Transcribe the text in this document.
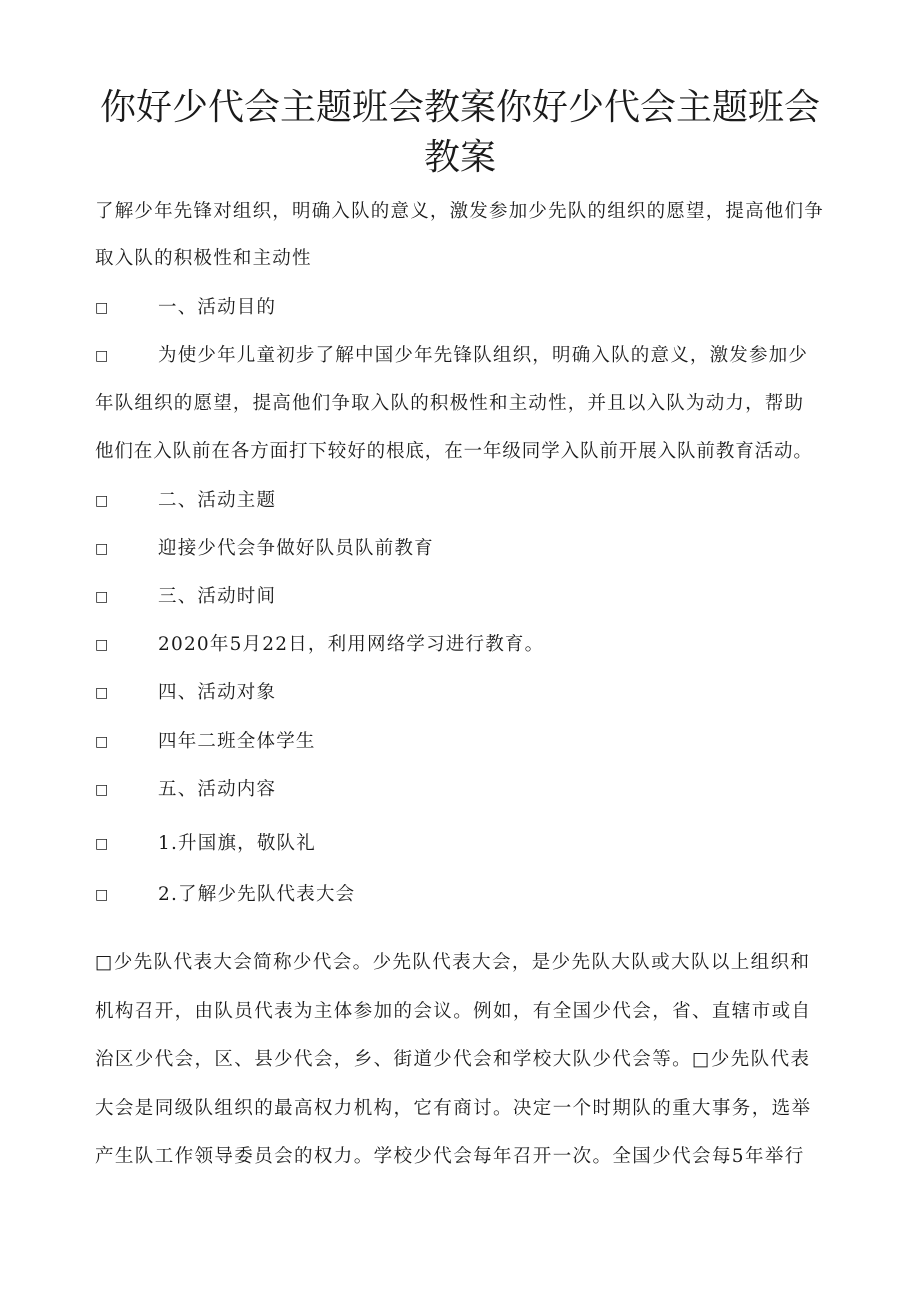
你好少代会主题班会教案你好少代会主题班会
教案
了解少年先锋对组织，明确入队的意义，激发参加少先队的组织的愿望，提高他们争
取入队的积极性和主动性
□	一、活动目的
□	为使少年儿童初步了解中国少年先锋队组织，明确入队的意义，激发参加少
年队组织的愿望，提高他们争取入队的积极性和主动性，并且以入队为动力，帮助
他们在入队前在各方面打下较好的根底，在一年级同学入队前开展入队前教育活动。
□	二、活动主题
□	迎接少代会争做好队员队前教育
□	三、活动时间
□	2020年5月22日，利用网络学习进行教育。
□	四、活动对象
□	四年二班全体学生
□	五、活动内容
□	1.升国旗，敬队礼
□	2.了解少先队代表大会
□少先队代表大会简称少代会。少先队代表大会，是少先队大队或大队以上组织和
机构召开，由队员代表为主体参加的会议。例如，有全国少代会，省、直辖市或自
治区少代会，区、县少代会，乡、街道少代会和学校大队少代会等。□少先队代表
大会是同级队组织的最高权力机构，它有商讨。决定一个时期队的重大事务，选举
产生队工作领导委员会的权力。学校少代会每年召开一次。全国少代会每5年举行
